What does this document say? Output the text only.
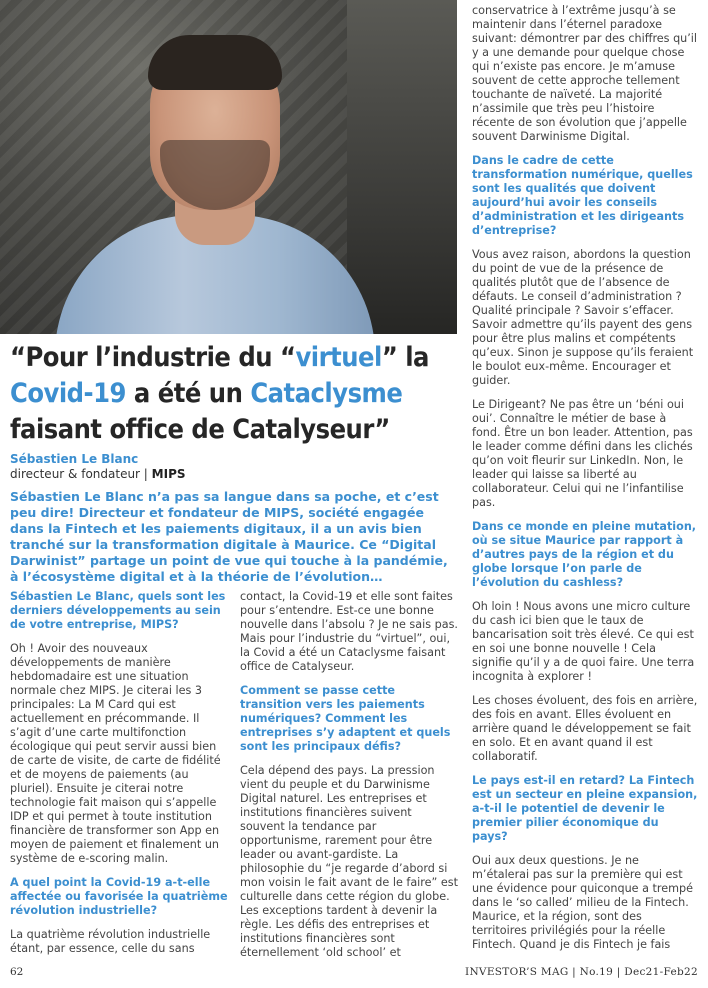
“Pour l’industrie du “virtuel” la
Covid-19 a été un Cataclysme
faisant office de Catalyseur”
Sébastien Le Blanc
directeur & fondateur | MIPS

Sébastien Le Blanc n’a pas sa langue dans sa poche, et c’est peu dire! Directeur et fondateur de MIPS, société engagée dans la Fintech et les paiements digitaux, il a un avis bien tranché sur la transformation digitale à Maurice. Ce “Digital Darwinist” partage un point de vue qui touche à la pandémie, à l’écosystème digital et à la théorie de l’évolution…

Sébastien Le Blanc, quels sont les derniers développements au sein de votre entreprise, MIPS?

Oh ! Avoir des nouveaux développements de manière hebdomadaire est une situation normale chez MIPS. Je citerai les 3 principales: La M Card qui est actuellement en précommande. Il s’agit d’une carte multifonction écologique qui peut servir aussi bien de carte de visite, de carte de fidélité et de moyens de paiements (au pluriel). Ensuite je citerai notre technologie fait maison qui s’appelle IDP et qui permet à toute institution financière de transformer son App en moyen de paiement et finalement un système de e-scoring malin.

A quel point la Covid-19 a-t-elle affectée ou favorisée la quatrième révolution industrielle?

La quatrième révolution industrielle étant, par essence, celle du sans

contact, la Covid-19 et elle sont faites pour s’entendre. Est-ce une bonne nouvelle dans l’absolu ? Je ne sais pas. Mais pour l’industrie du “virtuel”, oui, la Covid a été un Cataclysme faisant office de Catalyseur.

Comment se passe cette transition vers les paiements numériques? Comment les entreprises s’y adaptent et quels sont les principaux défis?

Cela dépend des pays. La pression vient du peuple et du Darwinisme Digital naturel. Les entreprises et institutions financières suivent souvent la tendance par opportunisme, rarement pour être leader ou avant-gardiste. La philosophie du “je regarde d’abord si mon voisin le fait avant de le faire” est culturelle dans cette région du globe. Les exceptions tardent à devenir la règle. Les défis des entreprises et institutions financières sont éternellement ‘old school’ et

conservatrice à l’extrême jusqu’à se maintenir dans l’éternel paradoxe suivant: démontrer par des chiffres qu’il y a une demande pour quelque chose qui n’existe pas encore. Je m’amuse souvent de cette approche tellement touchante de naïveté. La majorité n’assimile que très peu l’histoire récente de son évolution que j’appelle souvent Darwinisme Digital.

Dans le cadre de cette transformation numérique, quelles sont les qualités que doivent aujourd’hui avoir les conseils d’administration et les dirigeants d’entreprise?

Vous avez raison, abordons la question du point de vue de la présence de qualités plutôt que de l’absence de défauts. Le conseil d’administration ? Qualité principale ? Savoir s’effacer. Savoir admettre qu’ils payent des gens pour être plus malins et compétents qu’eux. Sinon je suppose qu’ils feraient le boulot eux-même. Encourager et guider.

Le Dirigeant? Ne pas être un ‘béni oui oui’. Connaître le métier de base à fond. Être un bon leader. Attention, pas le leader comme défini dans les clichés qu’on voit fleurir sur LinkedIn. Non, le leader qui laisse sa liberté au collaborateur. Celui qui ne l’infantilise pas.

Dans ce monde en pleine mutation, où se situe Maurice par rapport à d’autres pays de la région et du globe lorsque l’on parle de l’évolution du cashless?

Oh loin ! Nous avons une micro culture du cash ici bien que le taux de bancarisation soit très élevé. Ce qui est en soi une bonne nouvelle ! Cela signifie qu’il y a de quoi faire. Une terra incognita à explorer !

Les choses évoluent, des fois en arrière, des fois en avant. Elles évoluent en arrière quand le développement se fait en solo. Et en avant quand il est collaboratif.

Le pays est-il en retard? La Fintech est un secteur en pleine expansion, a-t-il le potentiel de devenir le premier pilier économique du pays?

Oui aux deux questions. Je ne m’étalerai pas sur la première qui est une évidence pour quiconque a trempé dans le ‘so called’ milieu de la Fintech. Maurice, et la région, sont des territoires privilégiés pour la réelle Fintech. Quand je dis Fintech je fais

62	INVESTOR’S MAG | No.19 | Dec21-Feb22
